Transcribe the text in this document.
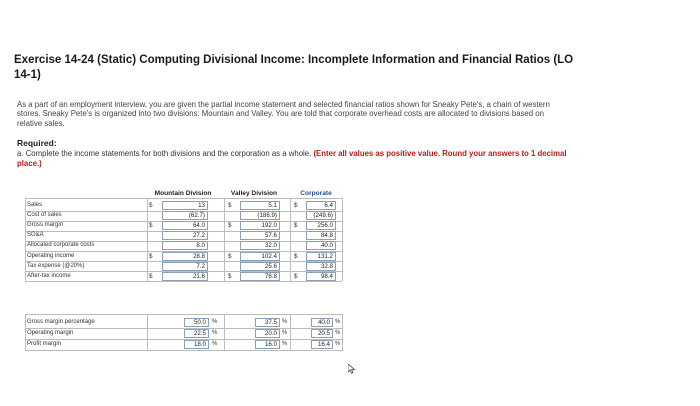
Exercise 14-24 (Static) Computing Divisional Income: Incomplete Information and Financial Ratios (LO 14-1)
As a part of an employment interview, you are given the partial income statement and selected financial ratios shown for Sneaky Pete's, a chain of western stores. Sneaky Pete's is organized into two divisions: Mountain and Valley. You are told that corporate overhead costs are allocated to divisions based on relative sales.
Required:
a. Complete the income statements for both divisions and the corporation as a whole. (Enter all values as positive value. Round your answers to 1 decimal place.)
Mountain Division	Valley Division	Corporate
Sales	$	13	$	5.1	$	6.4
Cost of sales	(62.7)	(186.9)	(249.6)
Gross margin	$	64.0	$	192.0	$	256.0
SG&A	27.2	57.6	84.8
Allocated corporate costs	8.0	32.0	40.0
Operating income	$	28.8	$	102.4	$	131.2
Tax expense (@20%)	7.2	25.6	32.8
After-tax income	$	21.6	$	76.8	$	98.4
Gross margin percentage	50.0	%	37.5 %	40.0 %
Operating margin	22.5	%	20.0 %	20.5 %
Profit margin	18.0	%	16.0 %	16.4 %
